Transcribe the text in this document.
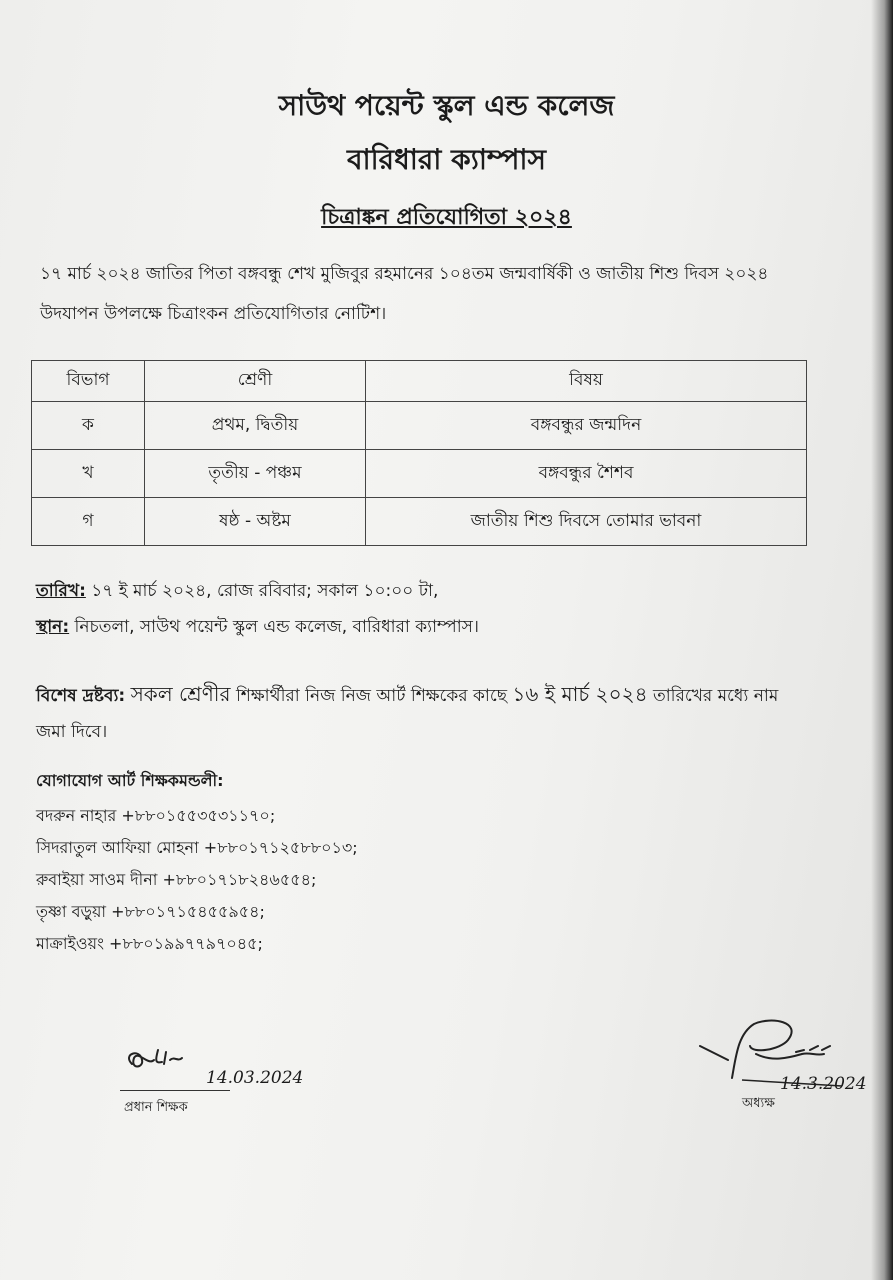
সাউথ পয়েন্ট স্কুল এন্ড কলেজ
বারিধারা ক্যাম্পাস
চিত্রাঙ্কন প্রতিযোগিতা ২০২৪
১৭ মার্চ ২০২৪ জাতির পিতা বঙ্গবন্ধু শেখ মুজিবুর রহমানের ১০৪তম জন্মবার্ষিকী ও জাতীয় শিশু দিবস ২০২৪ উদযাপন উপলক্ষে চিত্রাংকন প্রতিযোগিতার নোটিশ।
বিভাগ	শ্রেণী	বিষয়
ক	প্রথম, দ্বিতীয়	বঙ্গবন্ধুর জন্মদিন
খ	তৃতীয় - পঞ্চম	বঙ্গবন্ধুর শৈশব
গ	ষষ্ঠ - অষ্টম	জাতীয় শিশু দিবসে তোমার ভাবনা
তারিখ: ১৭ ই মার্চ ২০২৪, রোজ রবিবার; সকাল ১০:০০ টা,
স্থান: নিচতলা, সাউথ পয়েন্ট স্কুল এন্ড কলেজ, বারিধারা ক্যাম্পাস।
বিশেষ দ্রষ্টব্য: সকল শ্রেণীর শিক্ষার্থীরা নিজ নিজ আর্ট শিক্ষকের কাছে ১৬ ই মার্চ ২০২৪ তারিখের মধ্যে নাম জমা দিবে।
যোগাযোগ আর্ট শিক্ষকমন্ডলী:
বদরুন নাহার +৮৮০১৫৫৩৫৩১১৭০;
সিদরাতুল আফিয়া মোহনা +৮৮০১৭১২৫৮৮০১৩;
রুবাইয়া সাওম দীনা +৮৮০১৭১৮২৪৬৫৫৪;
তৃষ্ণা বড়ুয়া +৮৮০১৭১৫৪৫৫৯৫৪;
মাক্রাইওয়ং +৮৮০১৯৯৭৭৯৭০৪৫;
14.03.2024
প্রধান শিক্ষক
14.3.2024
অধ্যক্ষ
